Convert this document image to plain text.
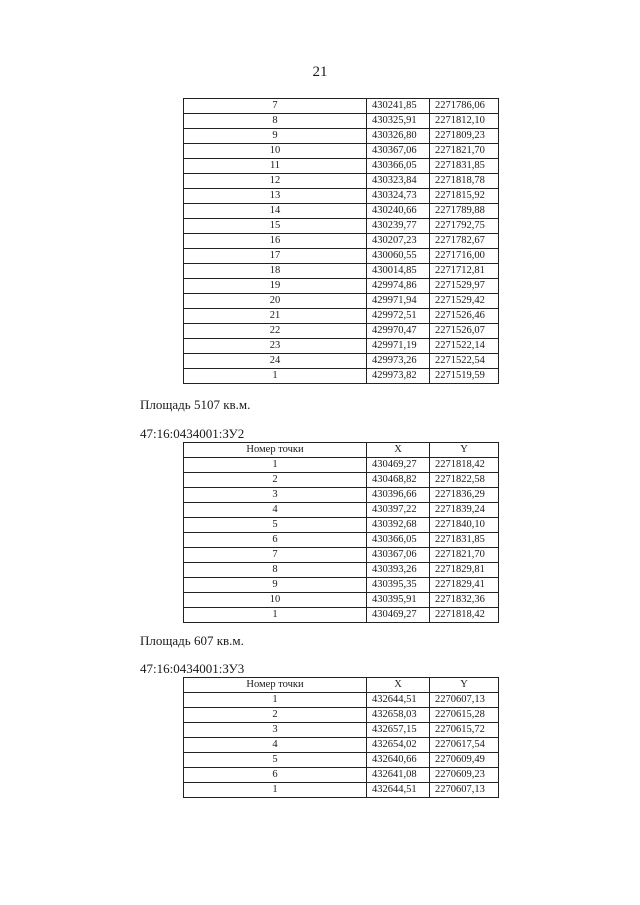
21
7	430241,85	2271786,06
8	430325,91	2271812,10
9	430326,80	2271809,23
10	430367,06	2271821,70
11	430366,05	2271831,85
12	430323,84	2271818,78
13	430324,73	2271815,92
14	430240,66	2271789,88
15	430239,77	2271792,75
16	430207,23	2271782,67
17	430060,55	2271716,00
18	430014,85	2271712,81
19	429974,86	2271529,97
20	429971,94	2271529,42
21	429972,51	2271526,46
22	429970,47	2271526,07
23	429971,19	2271522,14
24	429973,26	2271522,54
1	429973,82	2271519,59
Площадь 5107 кв.м.
47:16:0434001:ЗУ2
Номер точки	X	Y
1	430469,27	2271818,42
2	430468,82	2271822,58
3	430396,66	2271836,29
4	430397,22	2271839,24
5	430392,68	2271840,10
6	430366,05	2271831,85
7	430367,06	2271821,70
8	430393,26	2271829,81
9	430395,35	2271829,41
10	430395,91	2271832,36
1	430469,27	2271818,42
Площадь 607 кв.м.
47:16:0434001:ЗУ3
Номер точки	X	Y
1	432644,51	2270607,13
2	432658,03	2270615,28
3	432657,15	2270615,72
4	432654,02	2270617,54
5	432640,66	2270609,49
6	432641,08	2270609,23
1	432644,51	2270607,13
